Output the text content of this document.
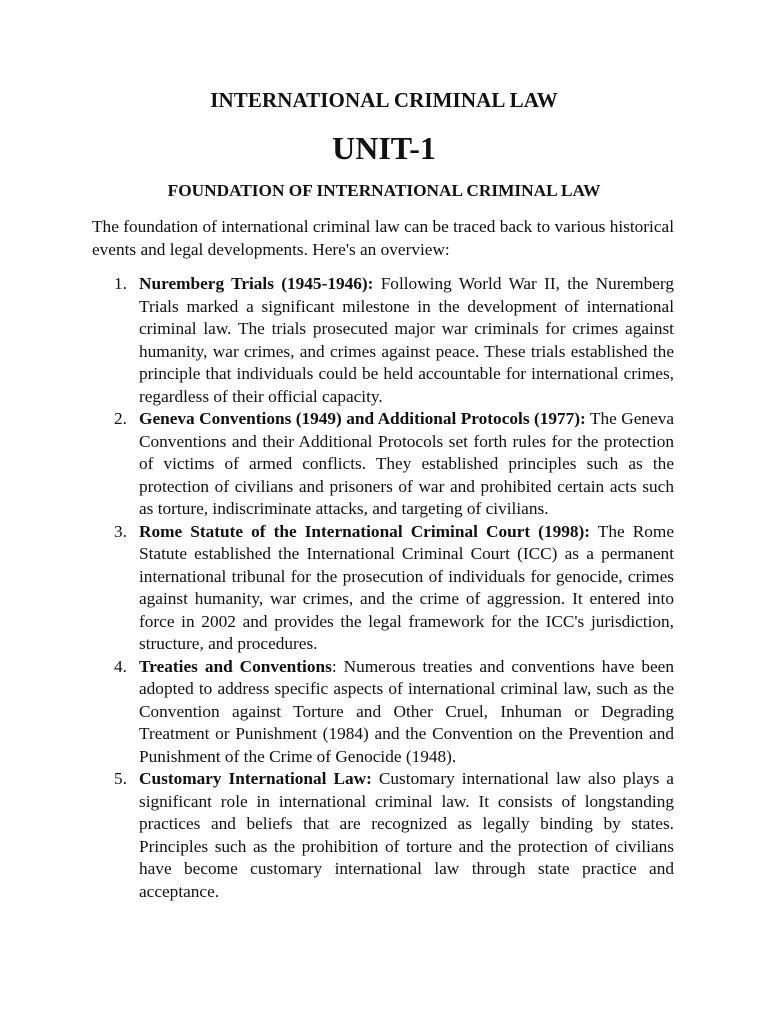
INTERNATIONAL CRIMINAL LAW
UNIT-1
FOUNDATION OF INTERNATIONAL CRIMINAL LAW

The foundation of international criminal law can be traced back to various historical events and legal developments. Here's an overview:

1. Nuremberg Trials (1945-1946): Following World War II, the Nuremberg Trials marked a significant milestone in the development of international criminal law. The trials prosecuted major war criminals for crimes against humanity, war crimes, and crimes against peace. These trials established the principle that individuals could be held accountable for international crimes, regardless of their official capacity.
2. Geneva Conventions (1949) and Additional Protocols (1977): The Geneva Conventions and their Additional Protocols set forth rules for the protection of victims of armed conflicts. They established principles such as the protection of civilians and prisoners of war and prohibited certain acts such as torture, indiscriminate attacks, and targeting of civilians.
3. Rome Statute of the International Criminal Court (1998): The Rome Statute established the International Criminal Court (ICC) as a permanent international tribunal for the prosecution of individuals for genocide, crimes against humanity, war crimes, and the crime of aggression. It entered into force in 2002 and provides the legal framework for the ICC's jurisdiction, structure, and procedures.
4. Treaties and Conventions: Numerous treaties and conventions have been adopted to address specific aspects of international criminal law, such as the Convention against Torture and Other Cruel, Inhuman or Degrading Treatment or Punishment (1984) and the Convention on the Prevention and Punishment of the Crime of Genocide (1948).
5. Customary International Law: Customary international law also plays a significant role in international criminal law. It consists of longstanding practices and beliefs that are recognized as legally binding by states. Principles such as the prohibition of torture and the protection of civilians have become customary international law through state practice and acceptance.
